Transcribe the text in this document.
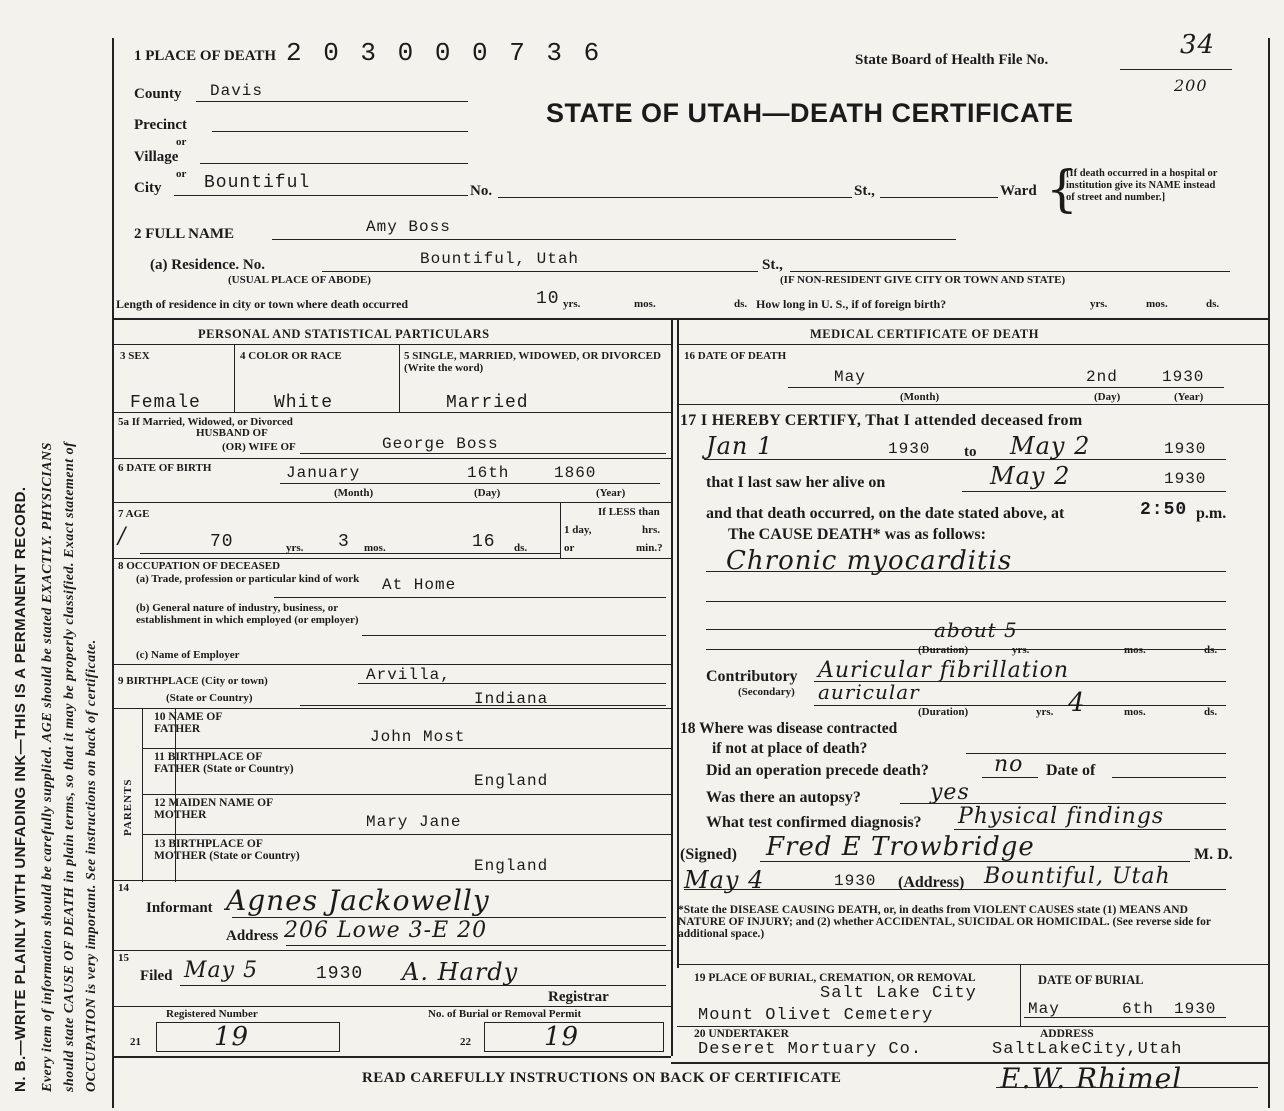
N. B.—WRITE PLAINLY WITH UNFADING INK—THIS IS A PERMANENT RECORD. Every item of information should be carefully supplied. AGE should be stated EXACTLY. PHYSICIANS should state CAUSE OF DEATH in plain terms, so that it may be properly classified. Exact statement of OCCUPATION is very important. See instructions on back of certificate.
1 PLACE OF DEATH 2 0 3 0 0 0 7 3 6	State Board of Health File No.	34
200
STATE OF UTAH—DEATH CERTIFICATE
County Davis
Precinct
or
Village
or
City Bountiful	No.	St.,	Ward {
[If death occurred in a hospital or institution give its NAME instead of street and number.]
2 FULL NAME	Amy Boss
(a) Residence. No.	Bountiful, Utah	St.,
(USUAL PLACE OF ABODE)	(IF NON-RESIDENT GIVE CITY OR TOWN AND STATE)
Length of residence in city or town where death occurred	10 yrs.	mos.	ds. How long in U. S., if of foreign birth?	yrs.	mos.	ds.
PERSONAL AND STATISTICAL PARTICULARS
3 SEX	4 COLOR OR RACE	5 SINGLE, MARRIED, WIDOWED, OR DIVORCED (Write the word)
Female	White	Married
5a If Married, Widowed, or Divorced
HUSBAND OF
(OR) WIFE OF	George Boss
6 DATE OF BIRTH	January	16th	1860
(Month)	(Day)	(Year)
7 AGE
/	70	yrs. 3 mos.	16 ds.
If LESS than
1 day,	hrs.
or	min.?
8 OCCUPATION OF DECEASED
(a) Trade, profession or particular kind of work	At Home
(b) General nature of industry, business, or establishment in which employed (or employer)
(c) Name of Employer
9 BIRTHPLACE (City or town)	Arvilla,
(State or Country)	Indiana
PARENTS
10 NAME OF FATHER	John Most
11 BIRTHPLACE OF FATHER (State or Country)
England
12 MAIDEN NAME OF MOTHER	Mary Jane
13 BIRTHPLACE OF MOTHER (State or Country)
England
14
Informant Agnes Jackowelly
Address 206 Lowe 3-E 20
15
Filed May 5	1930 A. Hardy
Registrar
Registered Number	No. of Burial or Removal Permit
21	19	22	19
MEDICAL CERTIFICATE OF DEATH
16 DATE OF DEATH
May	2nd	1930
(Month)	(Day)	(Year)
17 I HEREBY CERTIFY, That I attended deceased from
Jan 1	1930 to May 2	1930
that I last saw her alive on	May 2	1930
and that death occurred, on the date stated above, at	2:50 p.m.
The CAUSE DEATH* was as follows:
Chronic myocarditis
about 5
(Duration)	yrs.	mos.	ds.
Contributory Auricular fibrillation
(Secondary) auricular
(Duration)	yrs. 4	mos.	ds.
18 Where was disease contracted
if not at place of death?
Did an operation precede death?	no Date of
Was there an autopsy?	yes
What test confirmed diagnosis? Physical findings
(Signed) Fred E Trowbridge	M. D.
May 4	1930 (Address) Bountiful, Utah
*State the DISEASE CAUSING DEATH, or, in deaths from VIOLENT CAUSES state (1) MEANS AND NATURE OF INJURY; and (2) whether ACCIDENTAL, SUICIDAL OR HOMICIDAL. (See reverse side for additional space.)
19 PLACE OF BURIAL, CREMATION, OR REMOVAL
Salt Lake City
Mount Olivet Cemetery
DATE OF BURIAL
May	6th 1930
20 UNDERTAKER
Deseret Mortuary Co.
ADDRESS
SaltLakeCity,Utah
READ CAREFULLY INSTRUCTIONS ON BACK OF CERTIFICATE	E.W. Rhimel
